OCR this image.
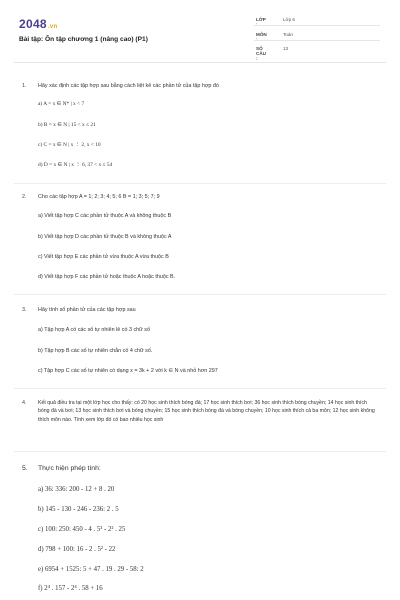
2048.vn
Bài tập: Ôn tập chương 1 (nâng cao) (P1)
LỚP :
Lớp 6
MÔN :
Toán
SỐ CÂU :
13
1. Hãy xác định các tập hợp sau bằng cách liệt kê các phần tử của tập hợp đó
a) A = x ∈ N* | x < 7
b) B = x ∈ N | 15 < x ≤ 21
c) C = x ∈ N | x ⋮ 2, x < 10
d) D = x ∈ N | x ⋮ 6, 37 < x ≤ 54
2. Cho các tập hợp A = 1; 2; 3; 4; 5; 6 B = 1; 3; 5; 7; 9
a) Viết tập hợp C các phần tử thuộc A và không thuộc B
b) Viết tập hợp D các phần tử thuộc B và không thuộc A
c) Viết tập hợp E các phần tử vừa thuộc A vừa thuộc B
d) Viết tập hợp F các phần tử hoặc thuộc A hoặc thuộc B.
3. Hãy tính số phần tử của các tập hợp sau
a) Tập hợp A có các số tự nhiên lẻ có 3 chữ số
b) Tập hợp B các số tự nhiên chẵn có 4 chữ số.
c) Tập hợp C các số tự nhiên có dạng x = 3k + 2 với k ∈ N và nhỏ hơn 297
4. Kết quả điều tra tại một lớp học cho thấy: có 20 học sinh thích bóng đá; 17 học sinh thích bơi; 36 học sinh thích bóng chuyền; 14 học sinh thích bóng đá và bơi; 13 học sinh thích bơi và bóng chuyền; 15 học sinh thích bóng đá và bóng chuyền; 10 học sinh thích cả ba môn; 12 học sinh không thích môn nào. Tính xem lớp đó có bao nhiêu học sinh
5. Thực hiện phép tính:
a) 36: 336: 200 - 12 + 8 . 20
b) 145 - 130 - 246 - 236: 2 . 5
c) 100: 250: 450 - 4 . 5³ - 2² . 25
d) 798 + 100: 16 - 2 . 5² - 22
e) 6954 + 1525: 5 + 47 . 19 . 29 - 58: 2
f) 2⁴ . 157 - 2⁴ . 58 + 16
